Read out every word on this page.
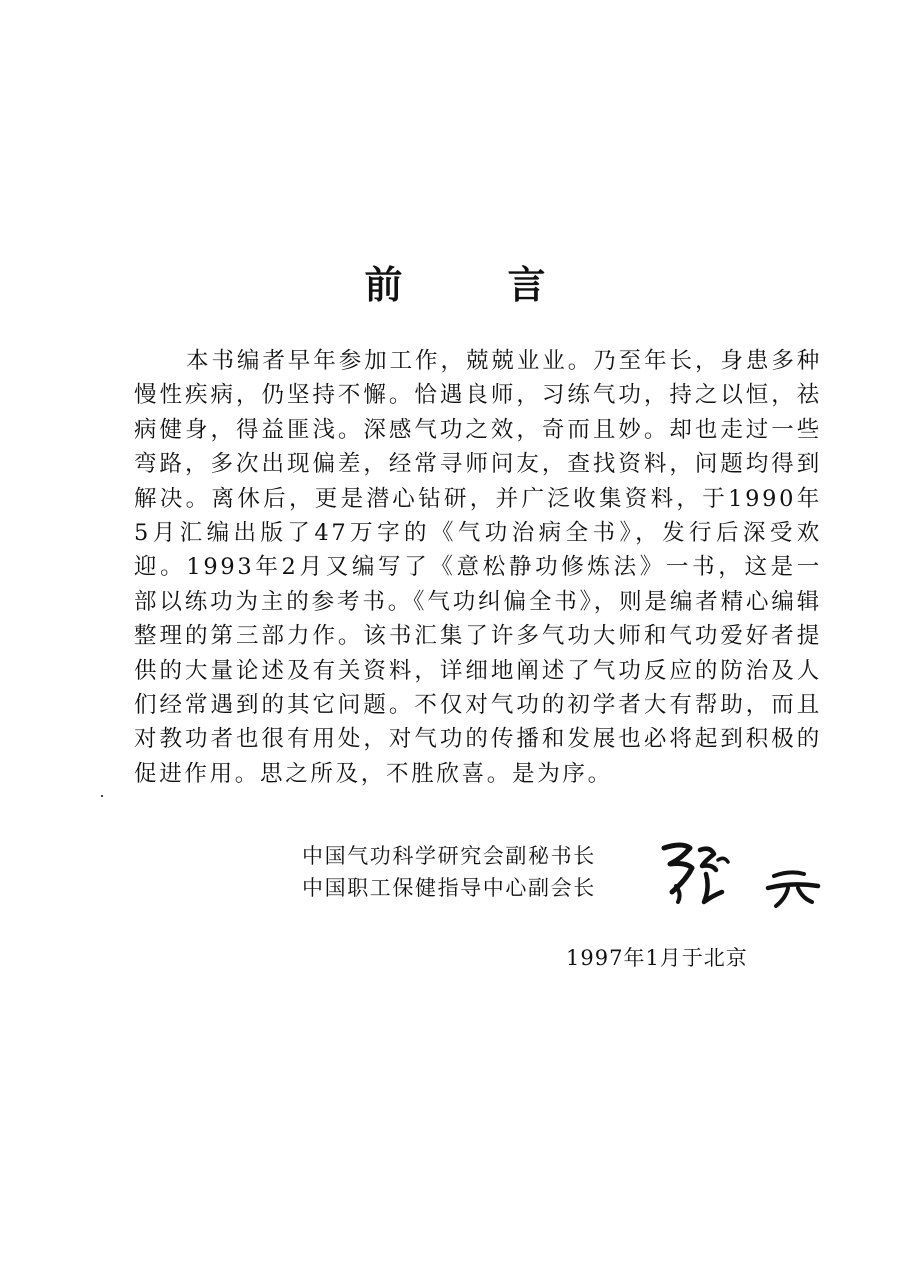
前	言

本书编者早年参加工作，兢兢业业。乃至年长，身患多种慢性疾病，仍坚持不懈。恰遇良师，习练气功，持之以恒，祛病健身，得益匪浅。深感气功之效，奇而且妙。却也走过一些弯路，多次出现偏差，经常寻师问友，查找资料，问题均得到解决。离休后，更是潜心钻研，并广泛收集资料，于1990年5月汇编出版了47万字的《气功治病全书》，发行后深受欢迎。1993年2月又编写了《意松静功修炼法》一书，这是一部以练功为主的参考书。《气功纠偏全书》，则是编者精心编辑整理的第三部力作。该书汇集了许多气功大师和气功爱好者提供的大量论述及有关资料，详细地阐述了气功反应的防治及人们经常遇到的其它问题。不仅对气功的初学者大有帮助，而且对教功者也很有用处，对气功的传播和发展也必将起到积极的促进作用。思之所及，不胜欣喜。是为序。

中国气功科学研究会副秘书长
中国职工保健指导中心副会长
1997年1月于北京
